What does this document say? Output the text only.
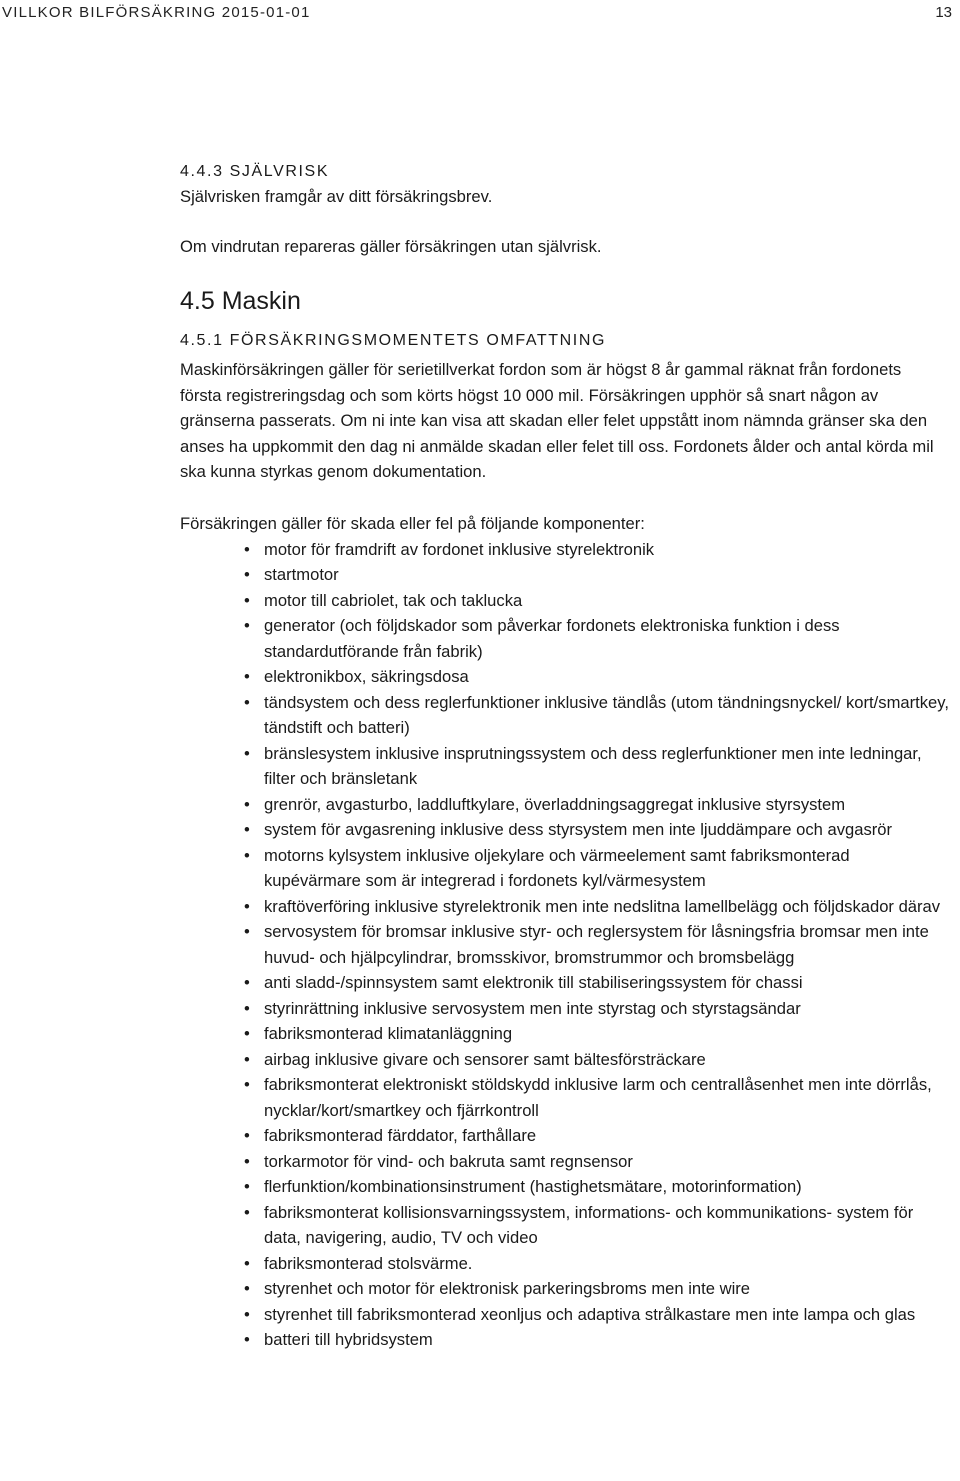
VILLKOR BILFÖRSÄKRING 2015-01-01	13
4.4.3 SJÄLVRISK

Självrisken framgår av ditt försäkringsbrev.

Om vindrutan repareras gäller försäkringen utan självrisk.

4.5 Maskin
4.5.1 FÖRSÄKRINGSMOMENTETS OMFATTNING

Maskinförsäkringen gäller för serietillverkat fordon som är högst 8 år gammal räknat från fordonets första registreringsdag och som körts högst 10 000 mil. Försäkringen upphör så snart någon av gränserna passerats. Om ni inte kan visa att skadan eller felet uppstått inom nämnda gränser ska den anses ha uppkommit den dag ni anmälde skadan eller felet till oss. Fordonets ålder och antal körda mil ska kunna styrkas genom dokumentation.

Försäkringen gäller för skada eller fel på följande komponenter:

• motor för framdrift av fordonet inklusive styrelektronik
• startmotor
• motor till cabriolet, tak och taklucka
• generator (och följdskador som påverkar fordonets elektroniska funktion i dess standardutförande från fabrik)
• elektronikbox, säkringsdosa
• tändsystem och dess reglerfunktioner inklusive tändlås (utom tändningsnyckel/ kort/smartkey, tändstift och batteri)
• bränslesystem inklusive insprutningssystem och dess reglerfunktioner men inte ledningar, filter och bränsletank
• grenrör, avgasturbo, laddluftkylare, överladdningsaggregat inklusive styrsystem
• system för avgasrening inklusive dess styrsystem men inte ljuddämpare och avgasrör
• motorns kylsystem inklusive oljekylare och värmeelement samt fabriksmonterad kupévärmare som är integrerad i fordonets kyl/värmesystem
• kraftöverföring inklusive styrelektronik men inte nedslitna lamellbelägg och följdskador därav
• servosystem för bromsar inklusive styr- och reglersystem för låsningsfria bromsar men inte huvud- och hjälpcylindrar, bromsskivor, bromstrummor och bromsbelägg
• anti sladd-/spinnsystem samt elektronik till stabiliseringssystem för chassi
• styrinrättning inklusive servosystem men inte styrstag och styrstagsändar
• fabriksmonterad klimatanläggning
• airbag inklusive givare och sensorer samt bältesförsträckare
• fabriksmonterat elektroniskt stöldskydd inklusive larm och centrallåsenhet men inte dörrlås, nycklar/kort/smartkey och fjärrkontroll
• fabriksmonterad färddator, farthållare
• torkarmotor för vind- och bakruta samt regnsensor
• flerfunktion/kombinationsinstrument (hastighetsmätare, motorinformation)
• fabriksmonterat kollisionsvarningssystem, informations- och kommunikations- system för data, navigering, audio, TV och video
• fabriksmonterad stolsvärme.
• styrenhet och motor för elektronisk parkeringsbroms men inte wire
• styrenhet till fabriksmonterad xeonljus och adaptiva strålkastare men inte lampa och glas
• batteri till hybridsystem
